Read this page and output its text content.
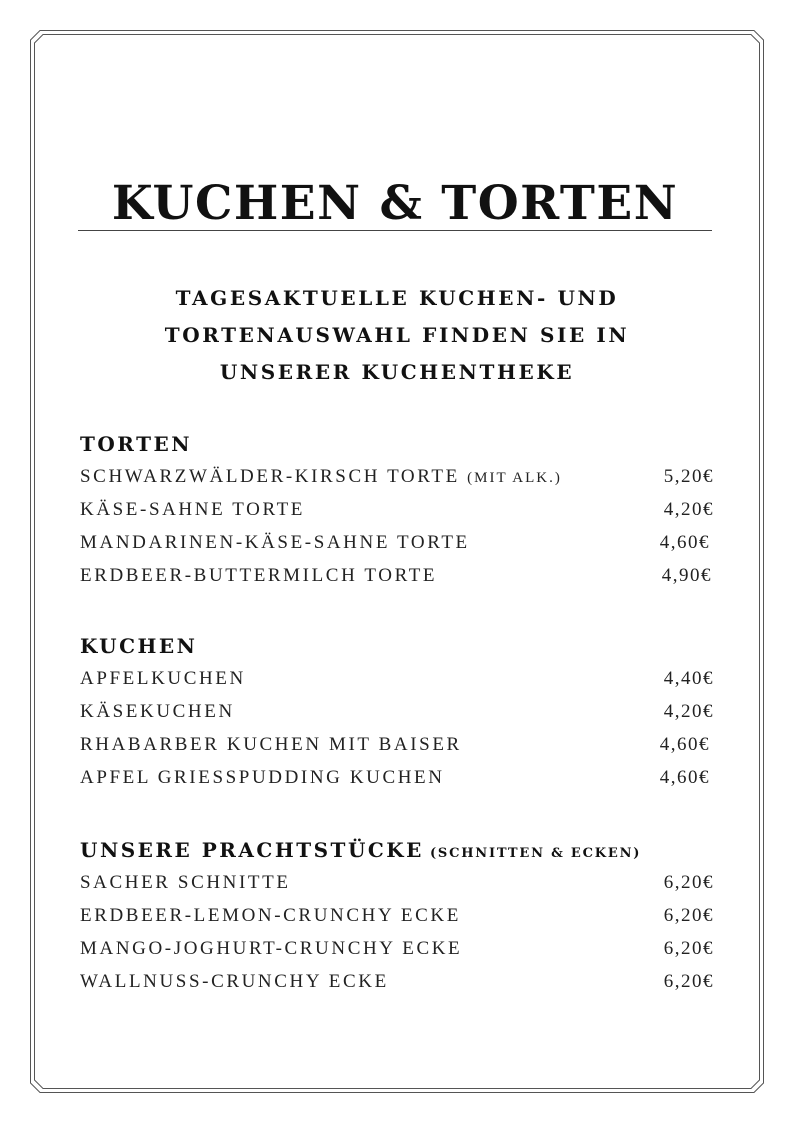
KUCHEN & TORTEN
TAGESAKTUELLE KUCHEN- UND
TORTENAUSWAHL FINDEN SIE IN
UNSERER KUCHENTHEKE
TORTEN
SCHWARZWÄLDER-KIRSCH TORTE (MIT ALK.)	5,20€
KÄSE-SAHNE TORTE	4,20€
MANDARINEN-KÄSE-SAHNE TORTE	4,60€
ERDBEER-BUTTERMILCH TORTE	4,90€
KUCHEN
APFELKUCHEN	4,40€
KÄSEKUCHEN	4,20€
RHABARBER KUCHEN MIT BAISER	4,60€
APFEL GRIESSPUDDING KUCHEN	4,60€
UNSERE PRACHTSTÜCKE (SCHNITTEN & ECKEN)
SACHER SCHNITTE	6,20€
ERDBEER-LEMON-CRUNCHY ECKE	6,20€
MANGO-JOGHURT-CRUNCHY ECKE	6,20€
WALLNUSS-CRUNCHY ECKE	6,20€
